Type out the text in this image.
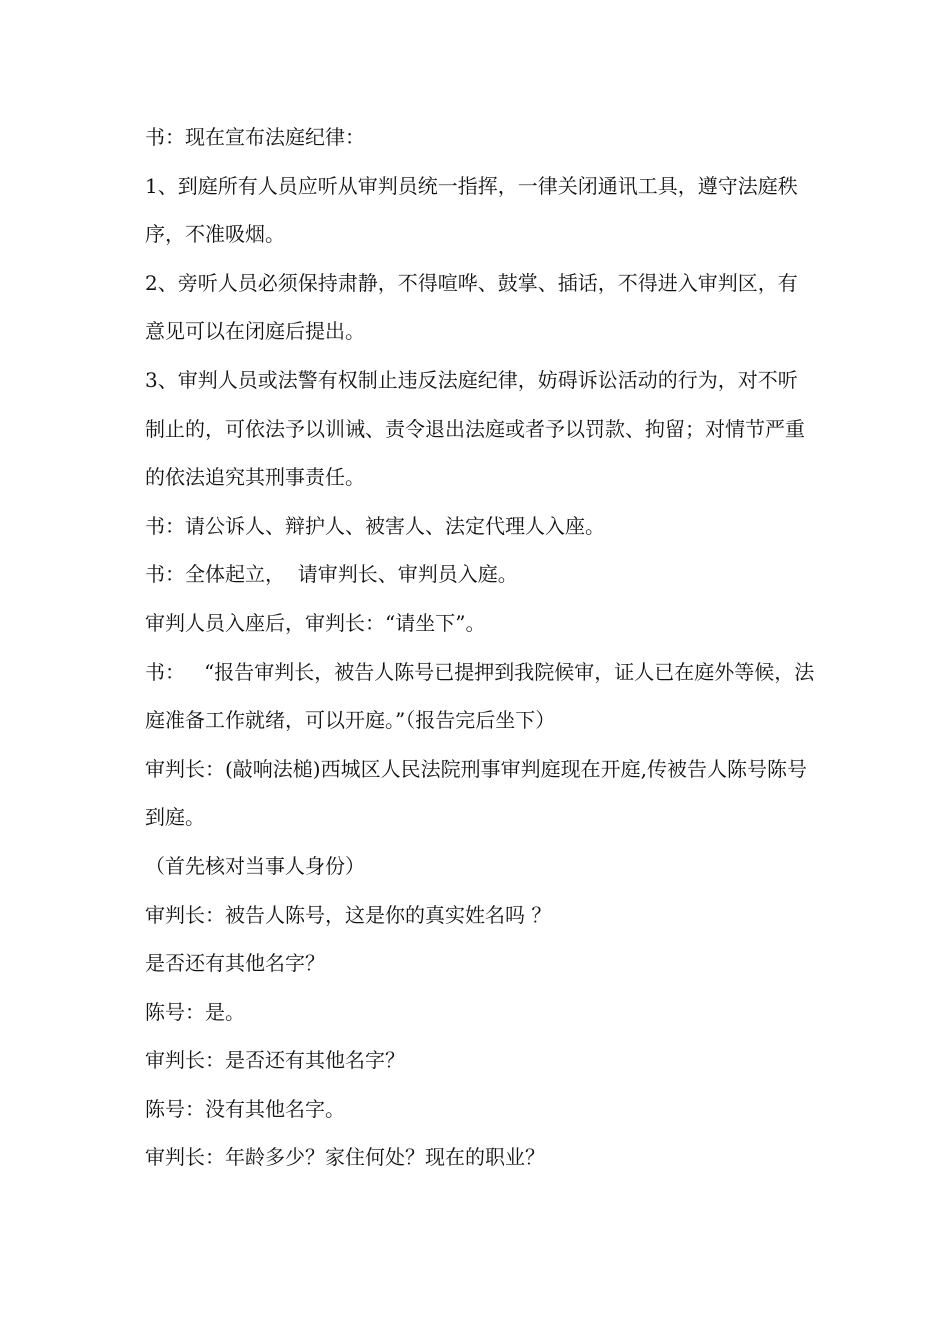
书：现在宣布法庭纪律：

1、到庭所有人员应听从审判员统一指挥，一律关闭通讯工具，遵守法庭秩序，不准吸烟。

2、旁听人员必须保持肃静，不得喧哗、鼓掌、插话，不得进入审判区，有意见可以在闭庭后提出。

3、审判人员或法警有权制止违反法庭纪律，妨碍诉讼活动的行为，对不听制止的，可依法予以训诫、责令退出法庭或者予以罚款、拘留；对情节严重的依法追究其刑事责任。

书：请公诉人、辩护人、被害人、法定代理人入座。

书：全体起立，  请审判长、审判员入庭。

审判人员入座后，审判长：“请坐下”。

书：   “报告审判长，被告人陈号已提押到我院候审，证人已在庭外等候，法庭准备工作就绪，可以开庭。”（报告完后坐下）

审判长：(敲响法槌)西城区人民法院刑事审判庭现在开庭,传被告人陈号陈号到庭。

（首先核对当事人身份）

审判长：被告人陈号，这是你的真实姓名吗 ？

是否还有其他名字？

陈号：是。

审判长：是否还有其他名字？

陈号：没有其他名字。

审判长：年龄多少？家住何处？现在的职业？
